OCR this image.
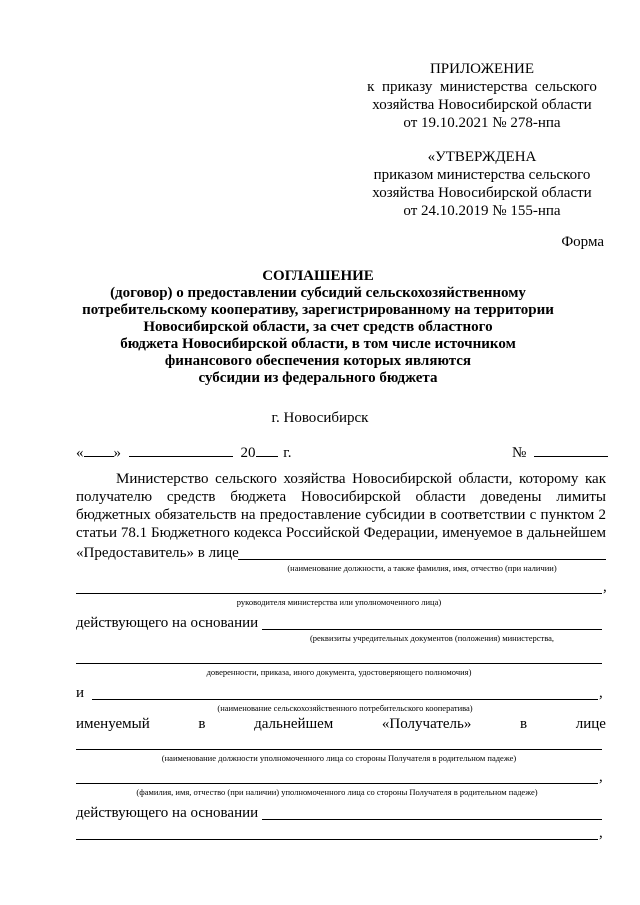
ПРИЛОЖЕНИЕ
к  приказу  министерства  сельского
хозяйства Новосибирской области
от 19.10.2021 № 278-нпа
«УТВЕРЖДЕНА
приказом министерства сельского
хозяйства Новосибирской области
от 24.10.2019 № 155-нпа
Форма
СОГЛАШЕНИЕ
(договор) о предоставлении субсидий сельскохозяйственному
потребительскому кооперативу, зарегистрированному на территории
Новосибирской области, за счет средств областного
бюджета Новосибирской области, в том числе источником
финансового обеспечения которых являются
субсидии из федерального бюджета
г. Новосибирск
« »	20 г.	№
Министерство сельского хозяйства Новосибирской области, которому как
получателю средств бюджета Новосибирской области доведены лимиты
бюджетных обязательств на предоставление субсидии в соответствии с пунктом 2
статьи 78.1 Бюджетного кодекса Российской Федерации, именуемое в дальнейшем
«Предоставитель» в лице
(наименование должности, а также фамилия, имя, отчество (при наличии)
,
руководителя министерства или уполномоченного лица)
действующего на основании
(реквизиты учредительных документов (положения) министерства,
доверенности, приказа, иного документа, удостоверяющего полномочия)
и	,
(наименование сельскохозяйственного потребительского кооператива)
именуемый	в	дальнейшем	«Получатель»	в	лице
(наименование должности уполномоченного лица со стороны Получателя в родительном падеже)
,
(фамилия, имя, отчество (при наличии) уполномоченного лица со стороны Получателя в родительном падеже)
действующего на основании
,
